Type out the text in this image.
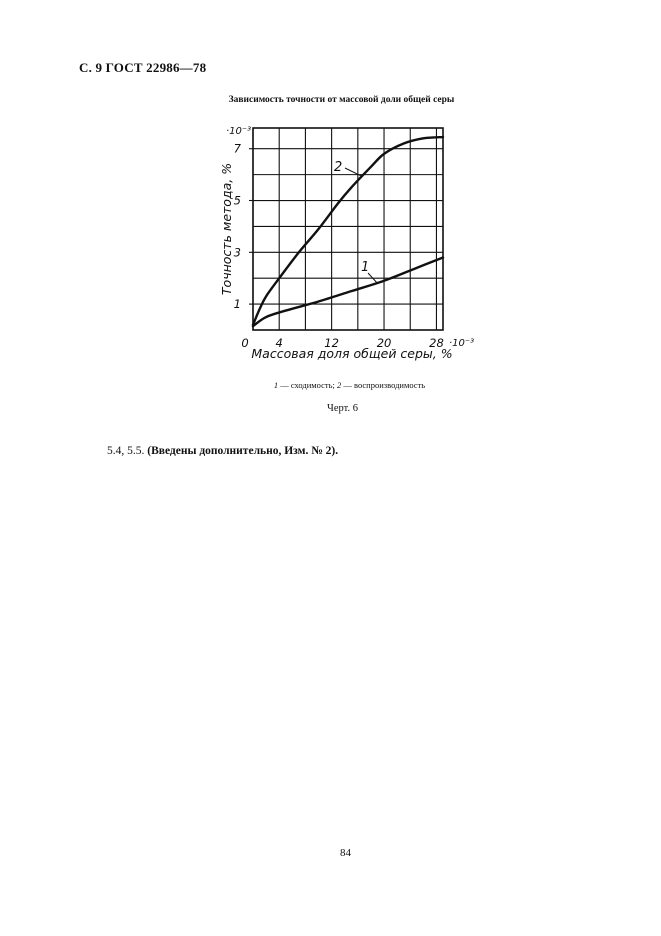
С. 9 ГОСТ 22986—78
Зависимость точности от массовой доли общей серы
1
2
0 4	12	20	28
1
3
5
7
·10⁻³
·10⁻³
Массовая доля общей серы, %
Точность метода, %
1 — сходимость; 2 — воспроизводимость
Черт. 6
5.4, 5.5. (Введены дополнительно, Изм. № 2).
84
